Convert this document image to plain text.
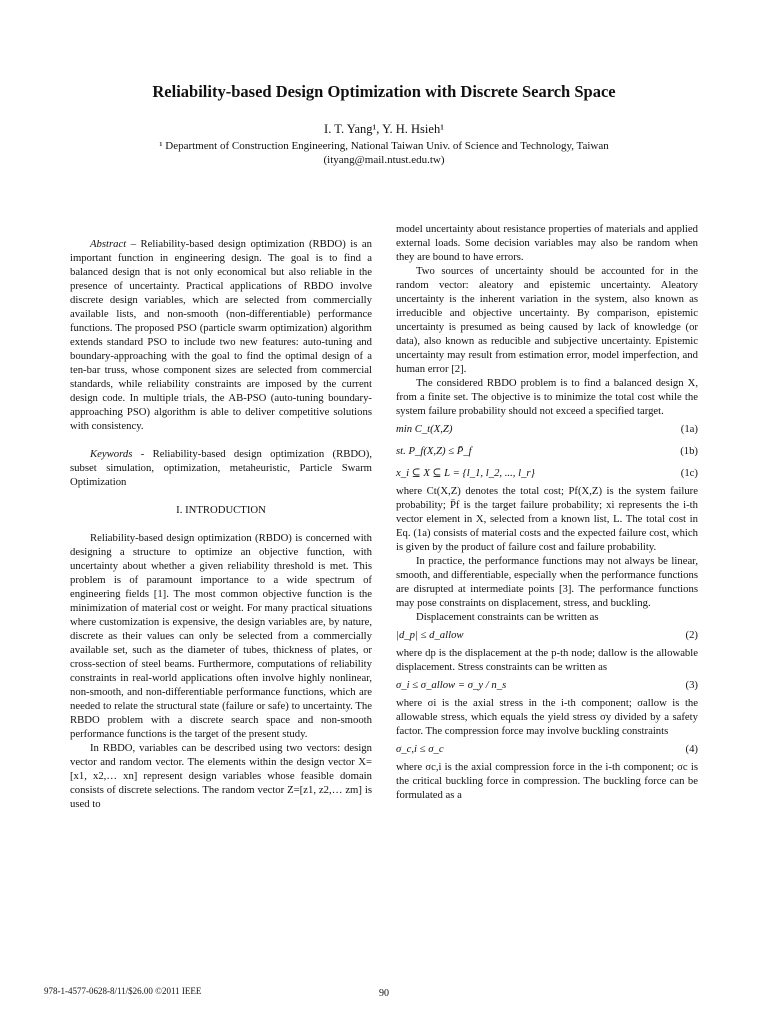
Reliability-based Design Optimization with Discrete Search Space
I. T. Yang¹, Y. H. Hsieh¹
¹ Department of Construction Engineering, National Taiwan Univ. of Science and Technology, Taiwan
(ityang@mail.ntust.edu.tw)

Abstract – Reliability-based design optimization (RBDO) is an important function in engineering design. The goal is to find a balanced design that is not only economical but also reliable in the presence of uncertainty. Practical applications of RBDO involve discrete design variables, which are selected from commercially available lists, and non-smooth (non-differentiable) performance functions. The proposed PSO (particle swarm optimization) algorithm extends standard PSO to include two new features: auto-tuning and boundary-approaching with the goal to find the optimal design of a ten-bar truss, whose component sizes are selected from commercial standards, while reliability constraints are imposed by the current design code. In multiple trials, the AB-PSO (auto-tuning boundary-approaching PSO) algorithm is able to deliver competitive solutions with consistency.

Keywords - Reliability-based design optimization (RBDO), subset simulation, optimization, metaheuristic, Particle Swarm Optimization

I. INTRODUCTION

Reliability-based design optimization (RBDO) is concerned with designing a structure to optimize an objective function, with uncertainty about whether a given reliability threshold is met. This problem is of paramount importance to a wide spectrum of engineering fields [1]. The most common objective function is the minimization of material cost or weight. For many practical situations where customization is expensive, the design variables are, by nature, discrete as their values can only be selected from a commercially available set, such as the diameter of tubes, thickness of plates, or cross-section of steel beams. Furthermore, computations of reliability constraints in real-world applications often involve highly nonlinear, non-smooth, and non-differentiable performance functions, which are needed to relate the structural state (failure or safe) to uncertainty. The RBDO problem with a discrete search space and non-smooth performance functions is the target of the present study.

In RBDO, variables can be described using two vectors: design vector and random vector. The elements within the design vector X=[x1, x2,… xn] represent design variables whose feasible domain consists of discrete selections. The random vector Z=[z1, z2,… zm] is used to

model uncertainty about resistance properties of materials and applied external loads. Some decision variables may also be random when they are bound to have errors.

Two sources of uncertainty should be accounted for in the random vector: aleatory and epistemic uncertainty. Aleatory uncertainty is the inherent variation in the system, also known as irreducible and objective uncertainty. By comparison, epistemic uncertainty is presumed as being caused by lack of knowledge (or data), also known as reducible and subjective uncertainty. Epistemic uncertainty may result from estimation error, model imperfection, and human error [2].

The considered RBDO problem is to find a balanced design X, from a finite set. The objective is to minimize the total cost while the system failure probability should not exceed a specified target.

min C_t(X,Z)	(1a)
st. P_f(X,Z) ≤ P̄_f	(1b)
x_i ⊆ X ⊆ L = {l_1, l_2, ..., l_r}	(1c)

where Ct(X,Z) denotes the total cost; Pf(X,Z) is the system failure probability; P̄f is the target failure probability; xi represents the i-th vector element in X, selected from a known list, L. The total cost in Eq. (1a) consists of material costs and the expected failure cost, which is given by the product of failure cost and failure probability.

In practice, the performance functions may not always be linear, smooth, and differentiable, especially when the performance functions are disrupted at intermediate points [3]. The performance functions may pose constraints on displacement, stress, and buckling.

Displacement constraints can be written as

|d_p| ≤ d_allow	(2)

where dp is the displacement at the p-th node; dallow is the allowable displacement. Stress constraints can be written as

σ_i ≤ σ_allow = σ_y / n_s	(3)

where σi is the axial stress in the i-th component; σallow is the allowable stress, which equals the yield stress σy divided by a safety factor. The compression force may involve buckling constraints

σ_c,i ≤ σ_c	(4)

where σc,i is the axial compression force in the i-th component; σc is the critical buckling force in compression. The buckling force can be formulated as a

978-1-4577-0628-8/11/$26.00 ©2011 IEEE	90
